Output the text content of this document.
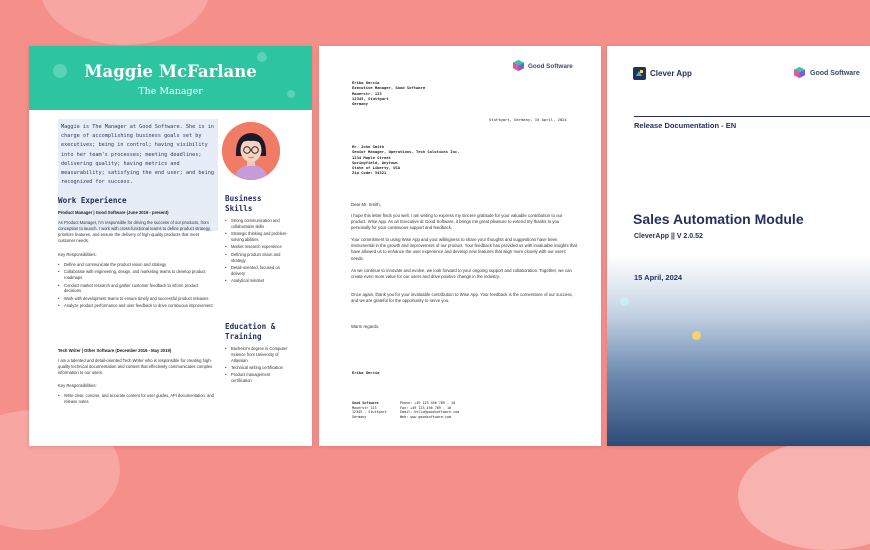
Maggie McFarlane
The Manager
Maggie is The Manager at Good Software. She is in charge of accomplishing business goals set by executives; being in control; having visibility into her team's processes; meeting deadlines; delivering quality; having metrics and measurability; satisfying the end user; and being recognized for success.
Work Experience
Product Manager | Good Software (June 2019 - present)

As Product Manager, I'm responsible for driving the success of our products, from conception to launch. I work with cross-functional teams to define product strategy, prioritize features, and ensure the delivery of high-quality products that meet customer needs.

Key Responsibilities:
• Define and communicate the product vision and strategy
• Collaborate with engineering, design, and marketing teams to develop product roadmaps
• Conduct market research and gather customer feedback to inform product decisions
• Work with development teams to ensure timely and successful product releases
• Analyze product performance and user feedback to drive continuous improvement
Tech Writer | Other Software (December 2016 - May 2019)

I am a talented and detail-oriented Tech Writer who is responsible for creating high-quality technical documentation and content that effectively communicates complex information to our users.

Key Responsibilities:
• Write clear, concise, and accurate content for user guides, API documentation, and release notes
Business Skills
• Strong communication and collaboration skills
• Strategic thinking and problem-solving abilities
• Market research experience
• Defining product vision and strategy
• Detail-oriented, focused on delivery
• Analytical mindset
Education & Training
• Bachelor's degree in Computer Science from University of Atlassian
• Technical writing certification
• Product management certification
Good Software
Erika Gercia
Executive Manager, Good Software
Mauerstr. 123
12345, Stuttgart
Germany
Stuttgart, Germany, 15 April, 2024
Mr. John Smith
Senior Manager, Operations, Tech Solutions Inc.
1234 Maple Street
Springfield, Anytown
State of Liberty, USA
Zip Code: 54321
Dear Mr. Smith,

I hope this letter finds you well. I am writing to express my sincere gratitude for your valuable contribution to our product, Wise App. As an Executive at Good Software, it brings me great pleasure to extend my thanks to you personally for your continuous support and feedback.

Your commitment to using Wise App and your willingness to share your thoughts and suggestions have been instrumental in the growth and improvement of our product. Your feedback has provided us with invaluable insights that have allowed us to enhance the user experience and develop new features that align more closely with our users' needs.

As we continue to innovate and evolve, we look forward to your ongoing support and collaboration. Together, we can create even more value for our users and drive positive change in the industry.

Once again, thank you for your invaluable contribution to Wise App. Your feedback is the cornerstone of our success, and we are grateful for the opportunity to serve you.

Warm regards,
Erika Gercia
Good Software
Mauerstr 123
12345 - Stuttgart
Germany
Phone: +49 123 456 789 - 10
Fax: +49 123 456 789 - 10
Email: hello@goodsoftware.com
Web: www.goodsoftware.com
Clever App	Good Software
Release Documentation - EN
Sales Automation Module
CleverApp || V 2.0.52
15 April, 2024
